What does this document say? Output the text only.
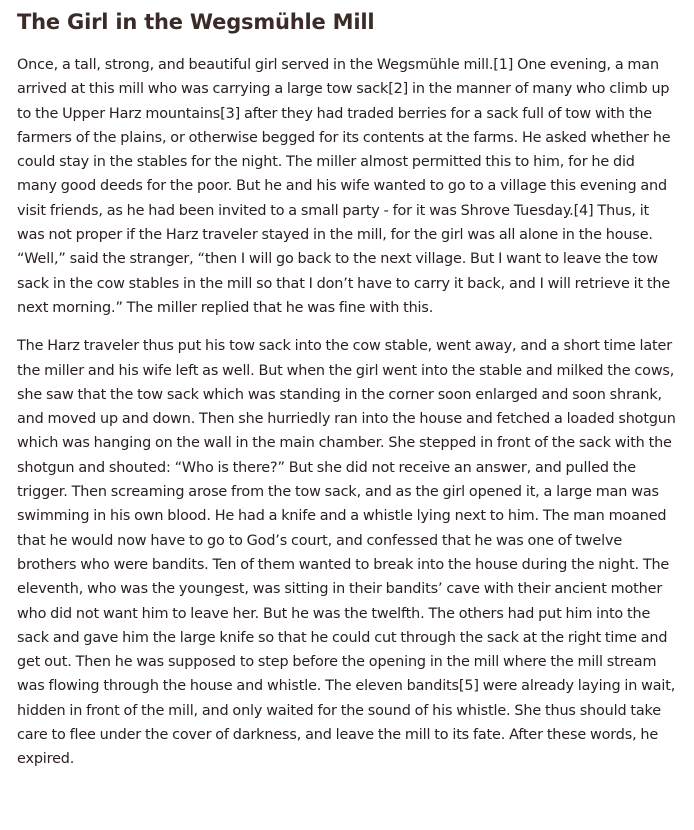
The Girl in the Wegsmühle Mill

Once, a tall, strong, and beautiful girl served in the Wegsmühle mill.[1] One evening, a man arrived at this mill who was carrying a large tow sack[2] in the manner of many who climb up to the Upper Harz mountains[3] after they had traded berries for a sack full of tow with the farmers of the plains, or otherwise begged for its contents at the farms. He asked whether he could stay in the stables for the night. The miller almost permitted this to him, for he did many good deeds for the poor. But he and his wife wanted to go to a village this evening and visit friends, as he had been invited to a small party - for it was Shrove Tuesday.[4] Thus, it was not proper if the Harz traveler stayed in the mill, for the girl was all alone in the house. “Well,” said the stranger, “then I will go back to the next village. But I want to leave the tow sack in the cow stables in the mill so that I don’t have to carry it back, and I will retrieve it the next morning.” The miller replied that he was fine with this.

The Harz traveler thus put his tow sack into the cow stable, went away, and a short time later the miller and his wife left as well. But when the girl went into the stable and milked the cows, she saw that the tow sack which was standing in the corner soon enlarged and soon shrank, and moved up and down. Then she hurriedly ran into the house and fetched a loaded shotgun which was hanging on the wall in the main chamber. She stepped in front of the sack with the shotgun and shouted: “Who is there?” But she did not receive an answer, and pulled the trigger. Then screaming arose from the tow sack, and as the girl opened it, a large man was swimming in his own blood. He had a knife and a whistle lying next to him. The man moaned that he would now have to go to God’s court, and confessed that he was one of twelve brothers who were bandits. Ten of them wanted to break into the house during the night. The eleventh, who was the youngest, was sitting in their bandits’ cave with their ancient mother who did not want him to leave her. But he was the twelfth. The others had put him into the sack and gave him the large knife so that he could cut through the sack at the right time and get out. Then he was supposed to step before the opening in the mill where the mill stream was flowing through the house and whistle. The eleven bandits[5] were already laying in wait, hidden in front of the mill, and only waited for the sound of his whistle. She thus should take care to flee under the cover of darkness, and leave the mill to its fate. After these words, he expired.
